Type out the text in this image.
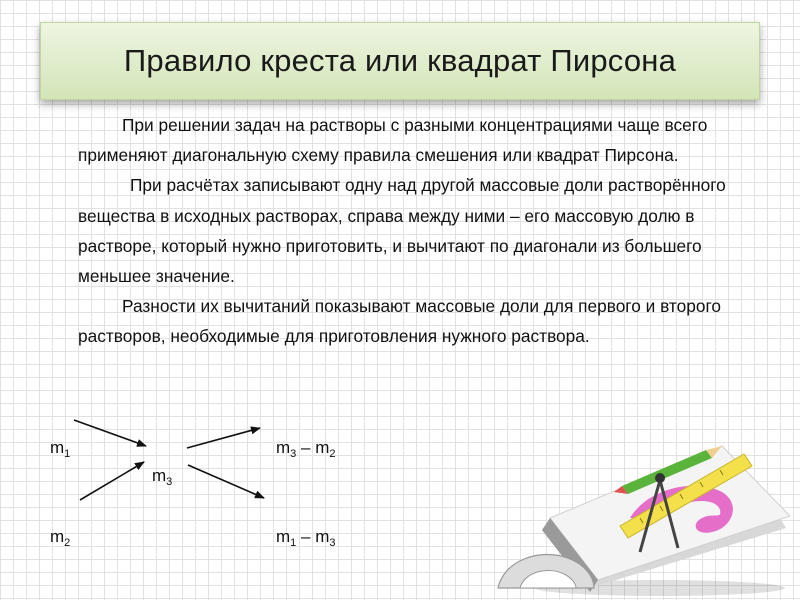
Правило креста или квадрат Пирсона

При решении задач на растворы с разными концентрациями чаще всего применяют диагональную схему правила смешения или квадрат Пирсона.

При расчётах записывают одну над другой массовые доли растворённого вещества в исходных растворах, справа между ними – его массовую долю в растворе, который нужно приготовить, и вычитают по диагонали из большего меньшее значение.

Разности их вычитаний показывают массовые доли для первого и второго растворов, необходимые для приготовления нужного раствора.

$m_1$
$m_3$
$m_2$
$m_3 - m_2$
$m_1 - m_3$
